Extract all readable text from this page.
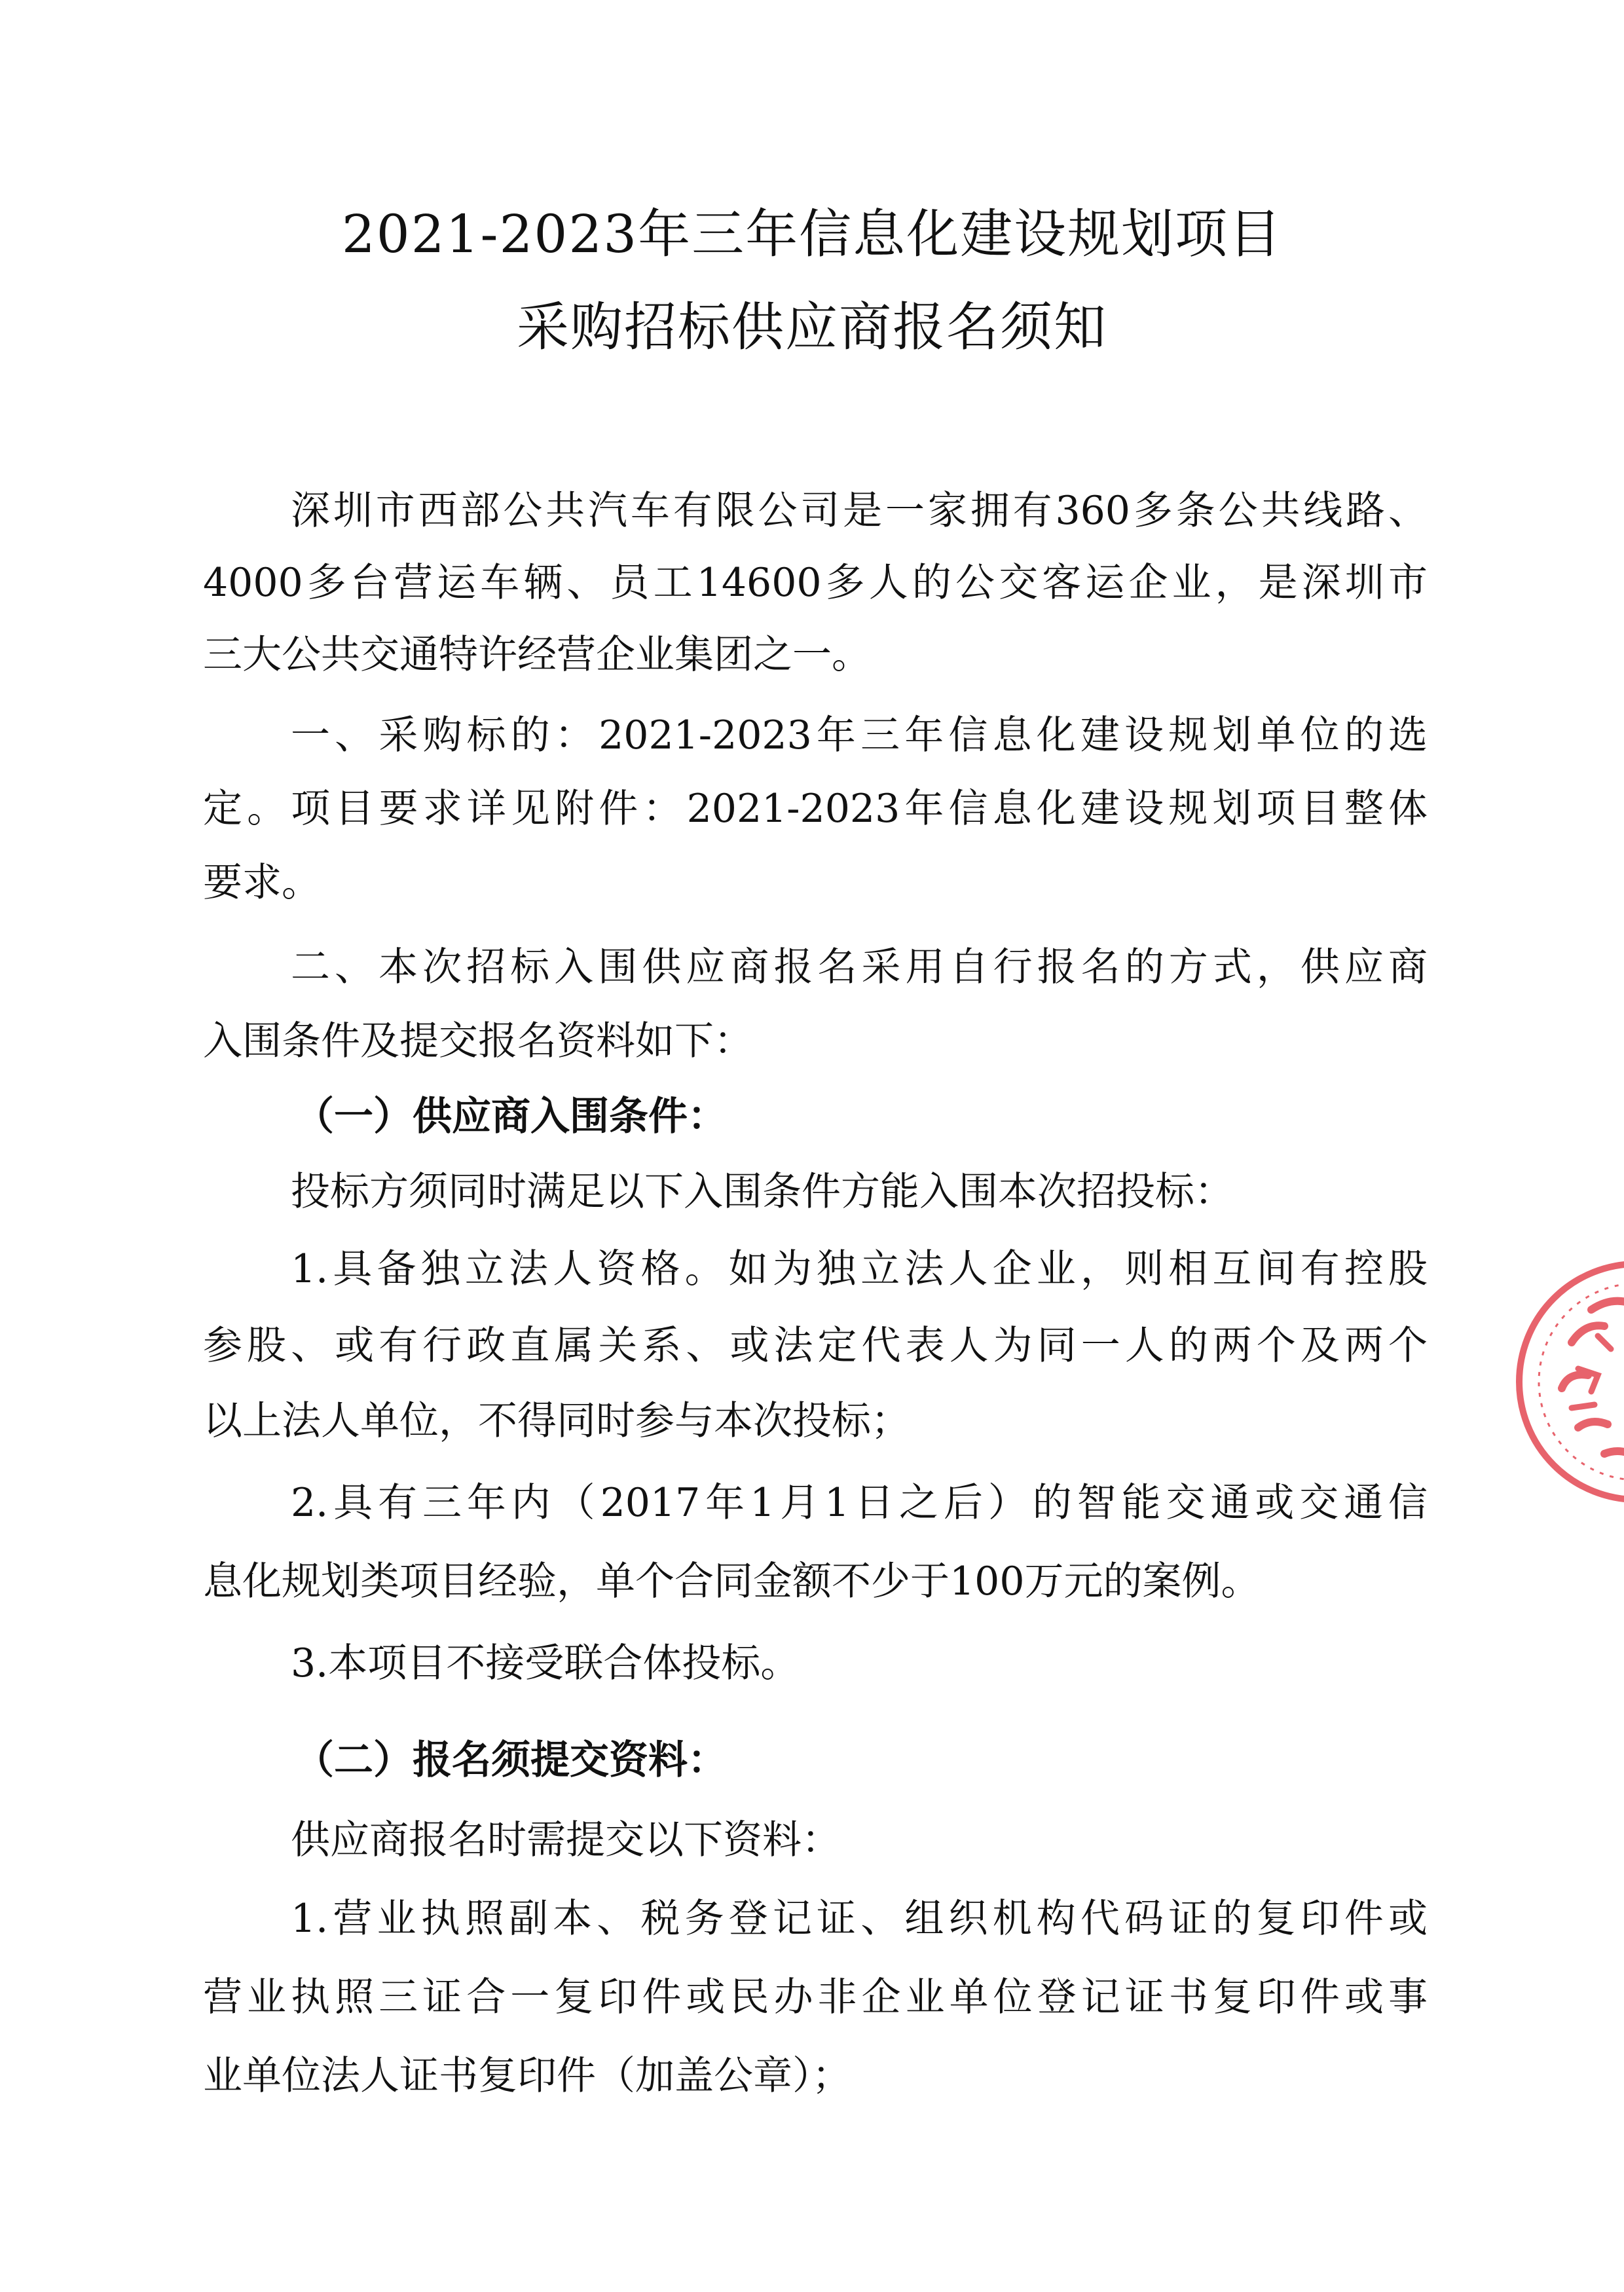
2021-2023年三年信息化建设规划项目
采购招标供应商报名须知

深圳市西部公共汽车有限公司是一家拥有360多条公共线路、

4000多台营运车辆、员工14600多人的公交客运企业，是深圳市

三大公共交通特许经营企业集团之一。

一、采购标的：2021-2023年三年信息化建设规划单位的选

定。项目要求详见附件：2021-2023年信息化建设规划项目整体

要求。

二、本次招标入围供应商报名采用自行报名的方式，供应商

入围条件及提交报名资料如下：

（一）供应商入围条件：

投标方须同时满足以下入围条件方能入围本次招投标：

1.具备独立法人资格。如为独立法人企业，则相互间有控股

参股、或有行政直属关系、或法定代表人为同一人的两个及两个

以上法人单位，不得同时参与本次投标；

2.具有三年内（2017年1月1日之后）的智能交通或交通信

息化规划类项目经验，单个合同金额不少于100万元的案例。

3.本项目不接受联合体投标。

（二）报名须提交资料：

供应商报名时需提交以下资料：

1.营业执照副本、税务登记证、组织机构代码证的复印件或

营业执照三证合一复印件或民办非企业单位登记证书复印件或事

业单位法人证书复印件（加盖公章）；
